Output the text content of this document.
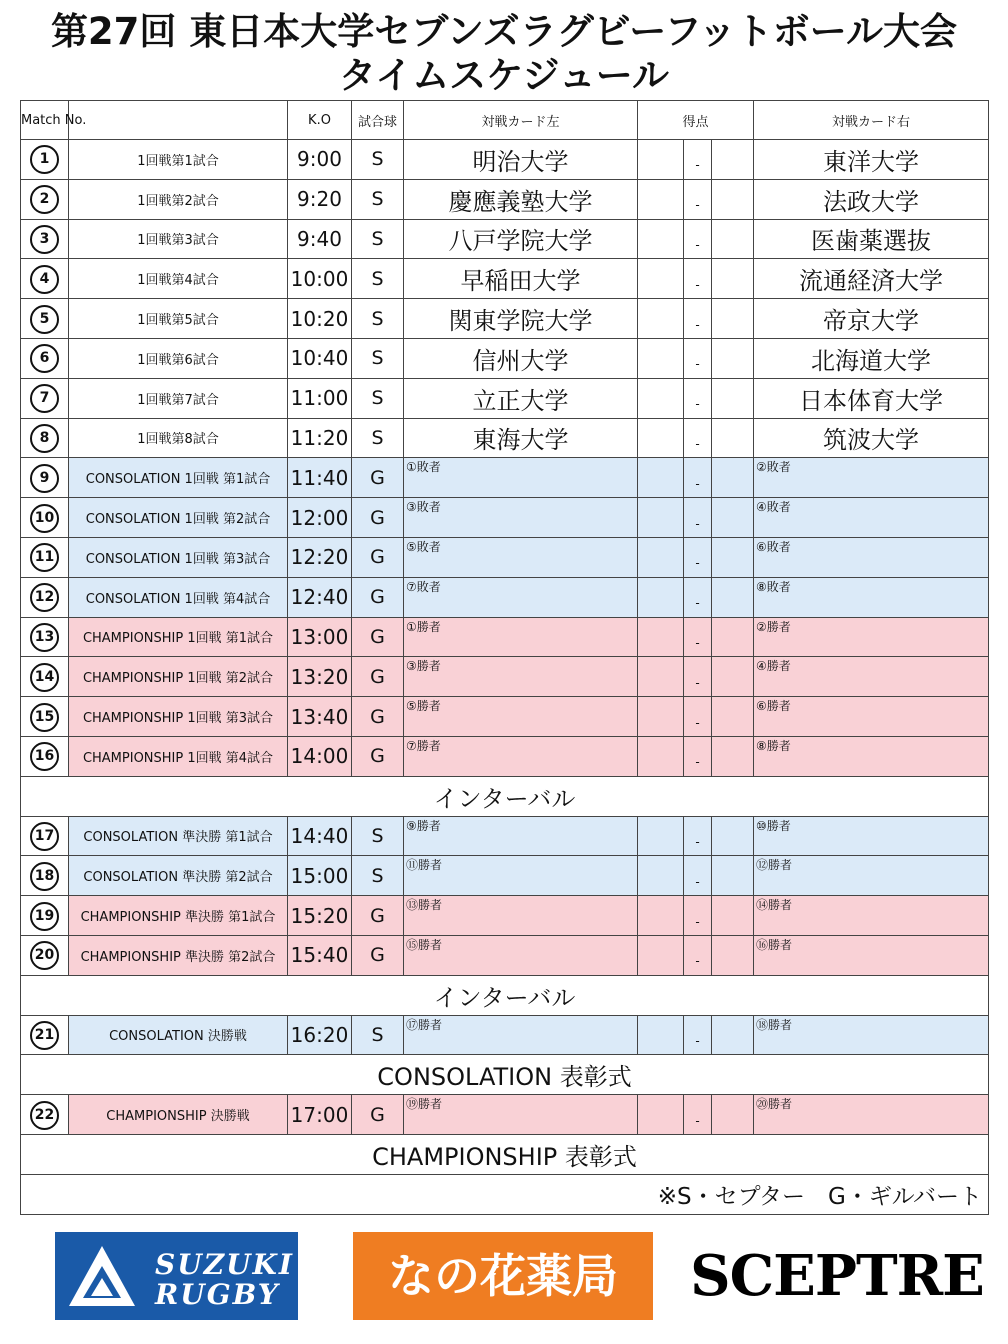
第27回 東日本大学セブンズラグビーフットボール大会
タイムスケジュール
Match No.		K.O	試合球	対戦カード左	得点			対戦カード右
1	1回戦第1試合	9:00	S	明治大学		-		東洋大学
2	1回戦第2試合	9:20	S	慶應義塾大学		-		法政大学
3	1回戦第3試合	9:40	S	八戸学院大学		-		医歯薬選抜
4	1回戦第4試合	10:00	S	早稲田大学		-		流通経済大学
5	1回戦第5試合	10:20	S	関東学院大学		-		帝京大学
6	1回戦第6試合	10:40	S	信州大学		-		北海道大学
7	1回戦第7試合	11:00	S	立正大学		-		日本体育大学
8	1回戦第8試合	11:20	S	東海大学		-		筑波大学
9	CONSOLATION 1回戦 第1試合	11:40	G	①敗者		-		②敗者
10	CONSOLATION 1回戦 第2試合	12:00	G	③敗者		-		④敗者
11	CONSOLATION 1回戦 第3試合	12:20	G	⑤敗者		-		⑥敗者
12	CONSOLATION 1回戦 第4試合	12:40	G	⑦敗者		-		⑧敗者
13	CHAMPIONSHIP 1回戦 第1試合	13:00	G	①勝者		-		②勝者
14	CHAMPIONSHIP 1回戦 第2試合	13:20	G	③勝者		-		④勝者
15	CHAMPIONSHIP 1回戦 第3試合	13:40	G	⑤勝者		-		⑥勝者
16	CHAMPIONSHIP 1回戦 第4試合	14:00	G	⑦勝者		-		⑧勝者
インターバル								
17	CONSOLATION 準決勝 第1試合	14:40	S	⑨勝者		-		⑩勝者
18	CONSOLATION 準決勝 第2試合	15:00	S	⑪勝者		-		⑫勝者
19	CHAMPIONSHIP 準決勝 第1試合	15:20	G	⑬勝者		-		⑭勝者
20	CHAMPIONSHIP 準決勝 第2試合	15:40	G	⑮勝者		-		⑯勝者
インターバル								
21	CONSOLATION 決勝戦	16:20	S	⑰勝者		-		⑱勝者
CONSOLATION 表彰式								
22	CHAMPIONSHIP 決勝戦	17:00	G	⑲勝者		-		⑳勝者
CHAMPIONSHIP 表彰式								
※S・セプター　G・ギルバート								
SUZUKI
RUGBY	なの花薬局	SCEPTRE
